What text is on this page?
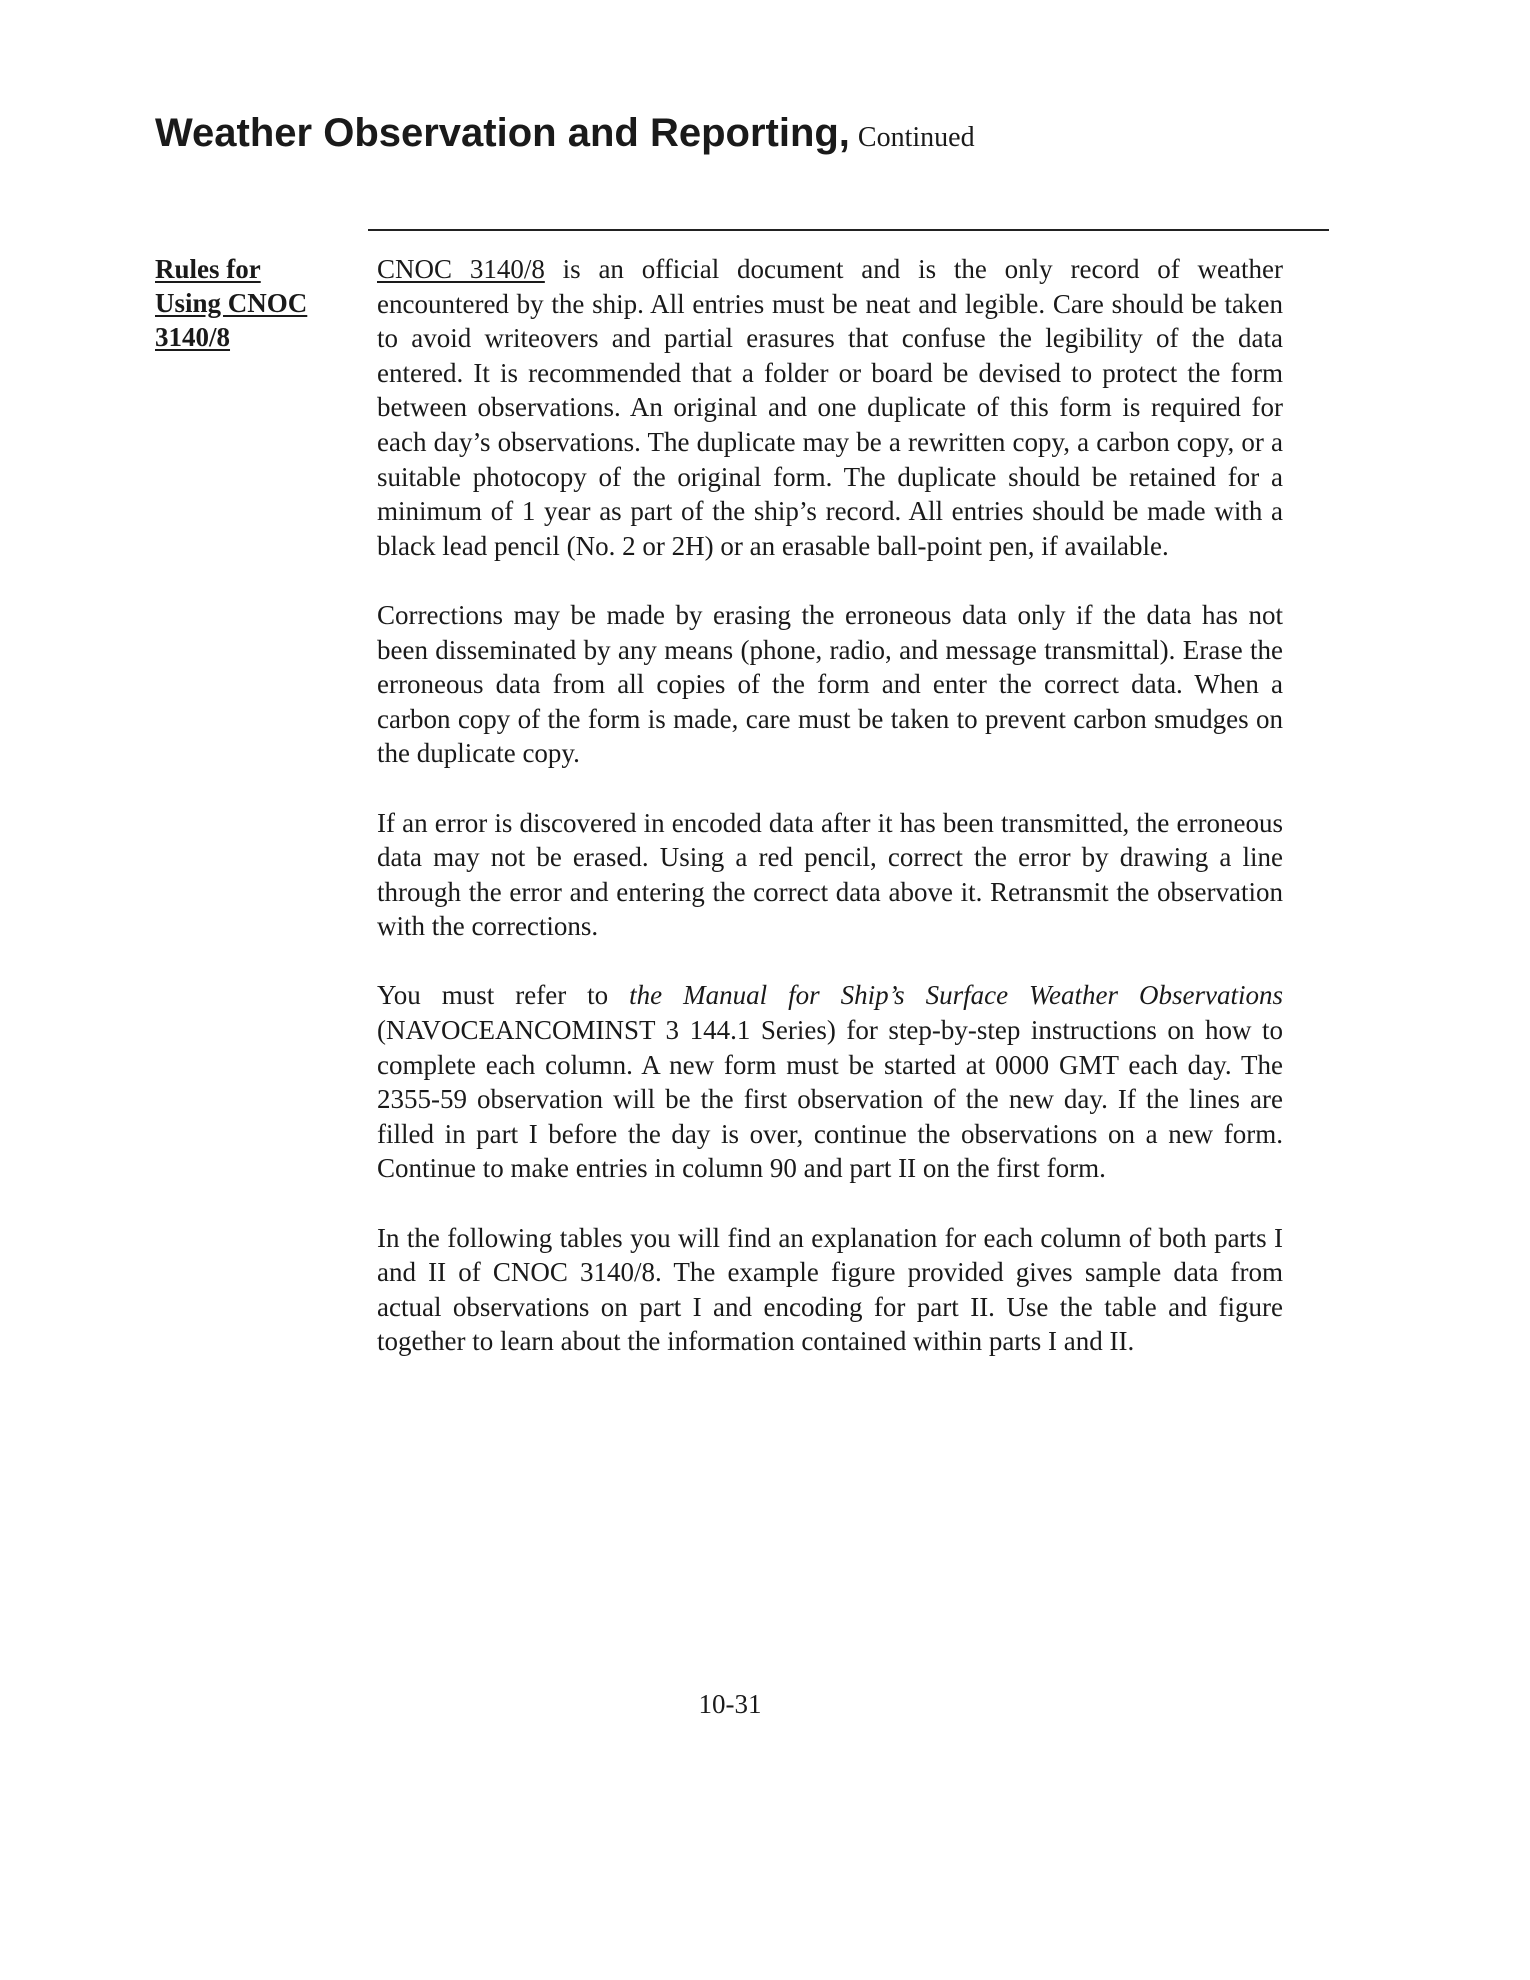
Weather Observation and Reporting, Continued
Rules for
Using CNOC
3140/8

CNOC 3140/8 is an official document and is the only record of weather encountered by the ship. All entries must be neat and legible. Care should be taken to avoid writeovers and partial erasures that confuse the legibility of the data entered. It is recommended that a folder or board be devised to protect the form between observations. An original and one duplicate of this form is required for each day’s observations. The duplicate may be a rewritten copy, a carbon copy, or a suitable photocopy of the original form. The duplicate should be retained for a minimum of 1 year as part of the ship’s record. All entries should be made with a black lead pencil (No. 2 or 2H) or an erasable ball-point pen, if available.

Corrections may be made by erasing the erroneous data only if the data has not been disseminated by any means (phone, radio, and message transmittal). Erase the erroneous data from all copies of the form and enter the correct data. When a carbon copy of the form is made, care must be taken to prevent carbon smudges on the duplicate copy.

If an error is discovered in encoded data after it has been transmitted, the erroneous data may not be erased. Using a red pencil, correct the error by drawing a line through the error and entering the correct data above it. Retransmit the observation with the corrections.

You must refer to the Manual for Ship’s Surface Weather Observations (NAVOCEANCOMINST 3 144.1 Series) for step-by-step instructions on how to complete each column. A new form must be started at 0000 GMT each day. The 2355-59 observation will be the first observation of the new day. If the lines are filled in part I before the day is over, continue the observations on a new form. Continue to make entries in column 90 and part II on the first form.

In the following tables you will find an explanation for each column of both parts I and II of CNOC 3140/8. The example figure provided gives sample data from actual observations on part I and encoding for part II. Use the table and figure together to learn about the information contained within parts I and II.

10-31
